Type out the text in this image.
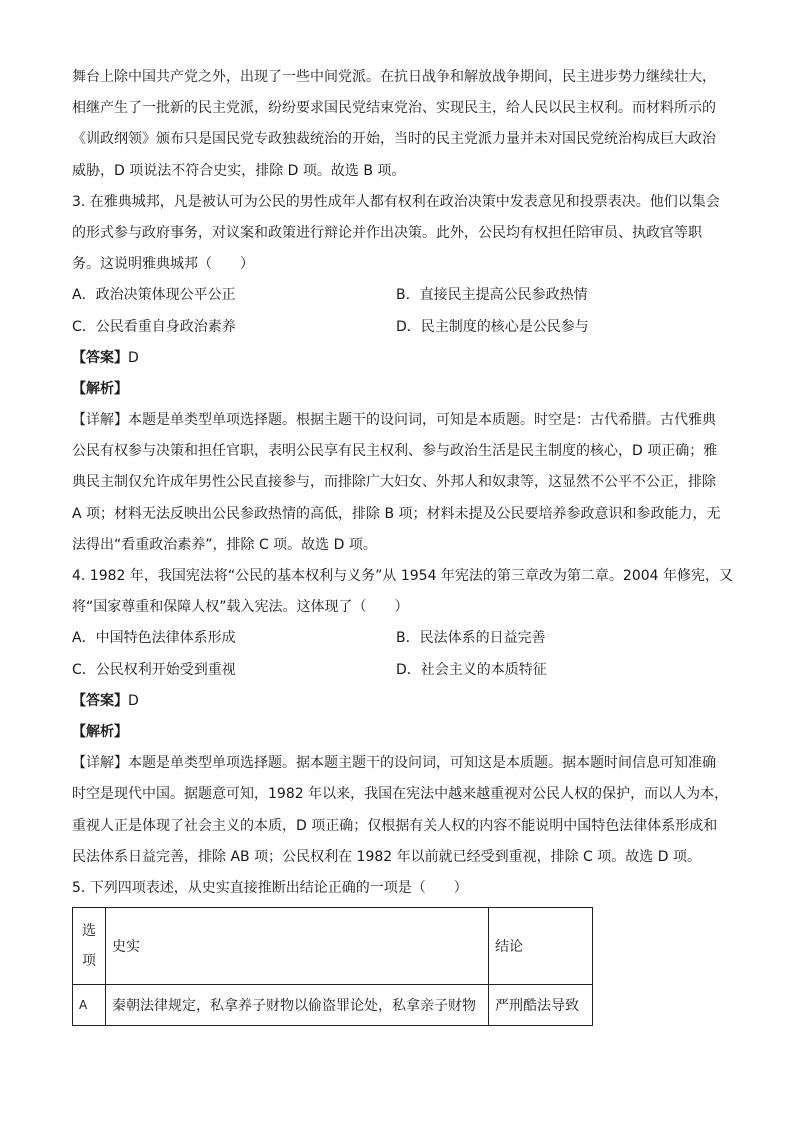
舞台上除中国共产党之外，出现了一些中间党派。在抗日战争和解放战争期间，民主进步势力继续壮大，
相继产生了一批新的民主党派，纷纷要求国民党结束党治、实现民主，给人民以民主权利。而材料所示的
《训政纲领》颁布只是国民党专政独裁统治的开始，当时的民主党派力量并未对国民党统治构成巨大政治
威胁，D 项说法不符合史实，排除 D 项。故选 B 项。
3. 在雅典城邦，凡是被认可为公民的男性成年人都有权利在政治决策中发表意见和投票表决。他们以集会
的形式参与政府事务，对议案和政策进行辩论并作出决策。此外，公民均有权担任陪审员、执政官等职
务。这说明雅典城邦（　　）
A．政治决策体现公平公正	B．直接民主提高公民参政热情
C．公民看重自身政治素养	D．民主制度的核心是公民参与
【答案】D
【解析】
【详解】本题是单类型单项选择题。根据主题干的设问词，可知是本质题。时空是：古代希腊。古代雅典
公民有权参与决策和担任官职，表明公民享有民主权利、参与政治生活是民主制度的核心，D 项正确；雅
典民主制仅允许成年男性公民直接参与，而排除广大妇女、外邦人和奴隶等，这显然不公平不公正，排除
A 项；材料无法反映出公民参政热情的高低，排除 B 项；材料未提及公民要培养参政意识和参政能力，无
法得出“看重政治素养”，排除 C 项。故选 D 项。
4. 1982 年，我国宪法将“公民的基本权利与义务”从 1954 年宪法的第三章改为第二章。2004 年修宪，又
将“国家尊重和保障人权”载入宪法。这体现了（　　）
A．中国特色法律体系形成	B．民法体系的日益完善
C．公民权利开始受到重视	D．社会主义的本质特征
【答案】D
【解析】
【详解】本题是单类型单项选择题。据本题主题干的设问词，可知这是本质题。据本题时间信息可知准确
时空是现代中国。据题意可知，1982 年以来，我国在宪法中越来越重视对公民人权的保护，而以人为本，
重视人正是体现了社会主义的本质，D 项正确；仅根据有关人权的内容不能说明中国特色法律体系形成和
民法体系日益完善，排除 AB 项；公民权利在 1982 年以前就已经受到重视，排除 C 项。故选 D 项。
5. 下列四项表述，从史实直接推断出结论正确的一项是（　　）
选项	史实	结论
A	秦朝法律规定，私拿养子财物以偷盗罪论处，私拿亲子财物	严刑酷法导致
